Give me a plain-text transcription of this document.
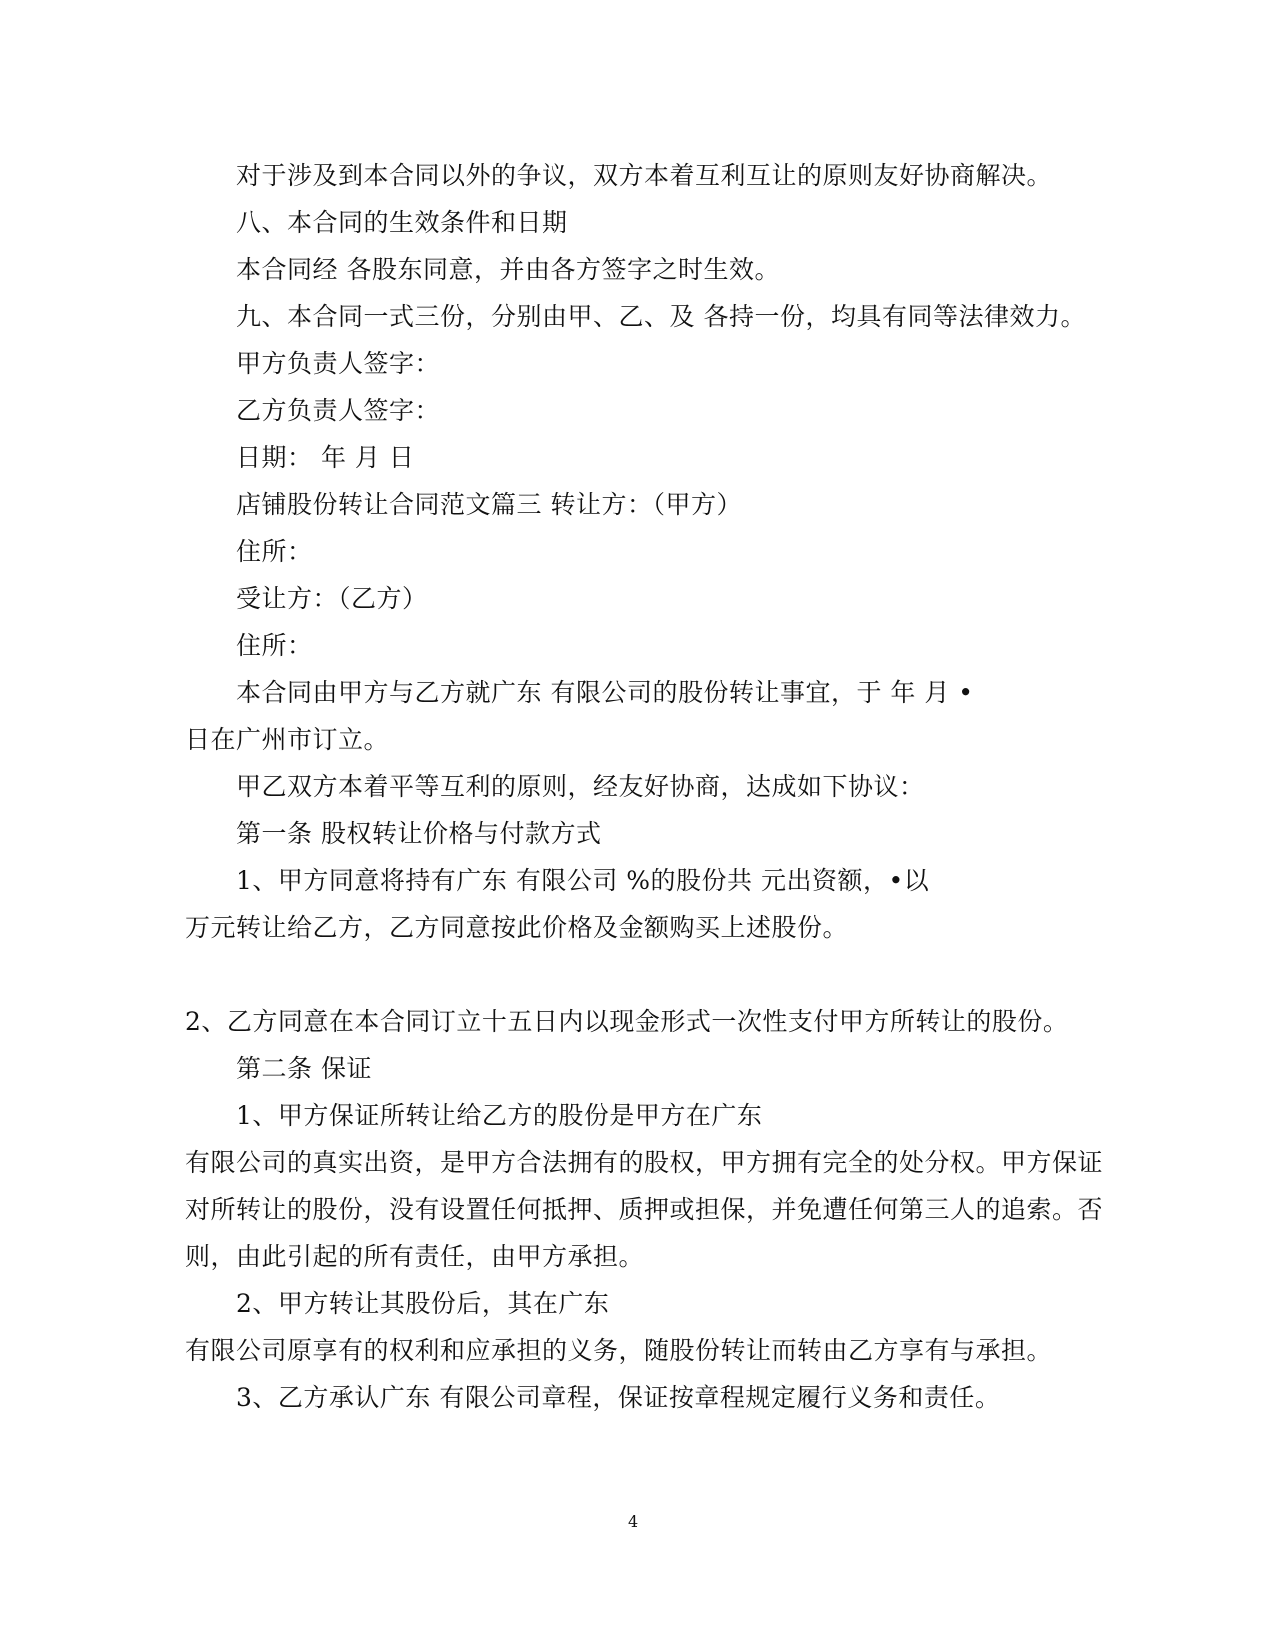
对于涉及到本合同以外的争议，双方本着互利互让的原则友好协商解决。
八、本合同的生效条件和日期
本合同经 各股东同意，并由各方签字之时生效。
九、本合同一式三份，分别由甲、乙、及 各持一份，均具有同等法律效力。
甲方负责人签字：
乙方负责人签字：
日期： 年 月 日
店铺股份转让合同范文篇三 转让方：（甲方）
住所：
受让方：（乙方）
住所：
本合同由甲方与乙方就广东 有限公司的股份转让事宜，于 年 月 •
日在广州市订立。
甲乙双方本着平等互利的原则，经友好协商，达成如下协议：
第一条 股权转让价格与付款方式
1、甲方同意将持有广东 有限公司 %的股份共 元出资额，•以
万元转让给乙方，乙方同意按此价格及金额购买上述股份。
2、乙方同意在本合同订立十五日内以现金形式一次性支付甲方所转让的股份。
第二条 保证
1、甲方保证所转让给乙方的股份是甲方在广东
有限公司的真实出资，是甲方合法拥有的股权，甲方拥有完全的处分权。甲方保证
对所转让的股份，没有设置任何抵押、质押或担保，并免遭任何第三人的追索。否
则，由此引起的所有责任，由甲方承担。
2、甲方转让其股份后，其在广东
有限公司原享有的权利和应承担的义务，随股份转让而转由乙方享有与承担。
3、乙方承认广东 有限公司章程，保证按章程规定履行义务和责任。
4
